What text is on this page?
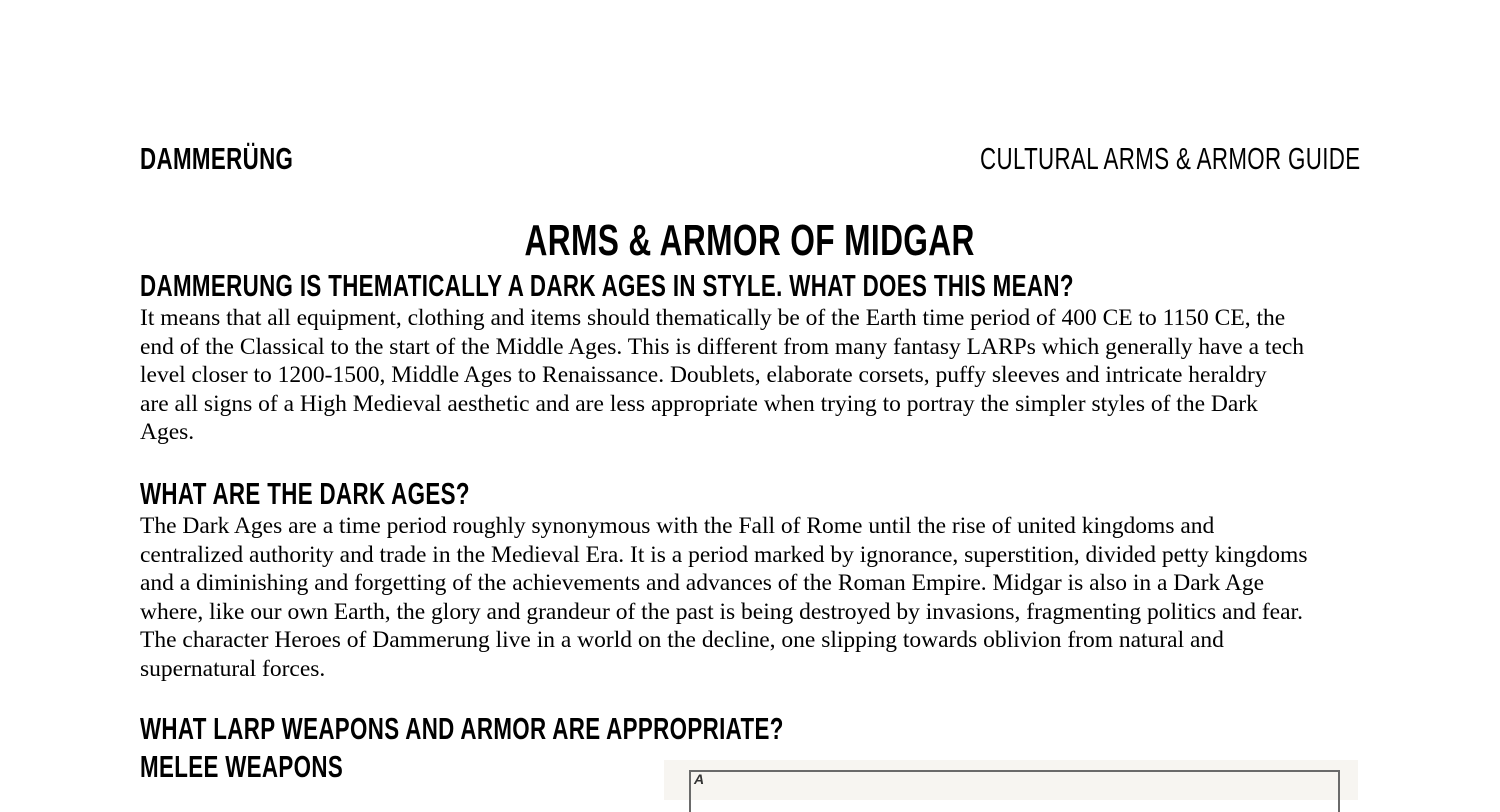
DAMMERÜNG	CULTURAL ARMS & ARMOR GUIDE
ARMS & ARMOR OF MIDGAR
DAMMERUNG IS THEMATICALLY A DARK AGES IN STYLE. WHAT DOES THIS MEAN?
It means that all equipment, clothing and items should thematically be of the Earth time period of 400 CE to 1150 CE, the
end of the Classical to the start of the Middle Ages. This is different from many fantasy LARPs which generally have a tech
level closer to 1200-1500, Middle Ages to Renaissance. Doublets, elaborate corsets, puffy sleeves and intricate heraldry
are all signs of a High Medieval aesthetic and are less appropriate when trying to portray the simpler styles of the Dark
Ages.
WHAT ARE THE DARK AGES?
The Dark Ages are a time period roughly synonymous with the Fall of Rome until the rise of united kingdoms and
centralized authority and trade in the Medieval Era. It is a period marked by ignorance, superstition, divided petty kingdoms
and a diminishing and forgetting of the achievements and advances of the Roman Empire. Midgar is also in a Dark Age
where, like our own Earth, the glory and grandeur of the past is being destroyed by invasions, fragmenting politics and fear.
The character Heroes of Dammerung live in a world on the decline, one slipping towards oblivion from natural and
supernatural forces.
WHAT LARP WEAPONS AND ARMOR ARE APPROPRIATE?
MELEE WEAPONS	A
